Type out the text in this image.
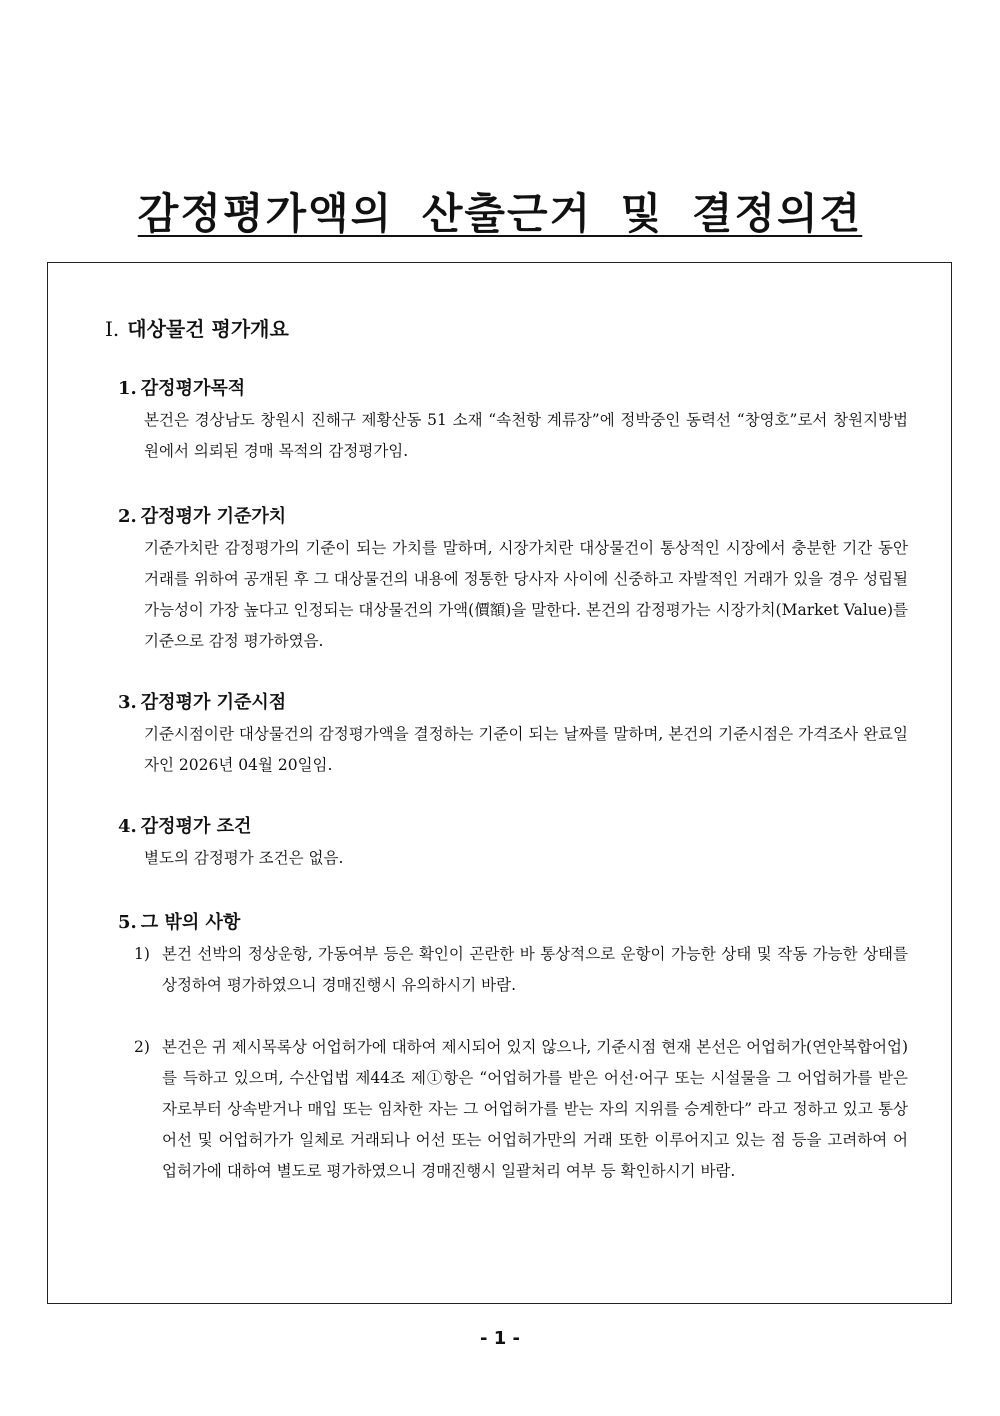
감정평가액의 산출근거 및 결정의견
Ⅰ. 대상물건 평가개요
1. 감정평가목적

본건은 경상남도 창원시 진해구 제황산동 51 소재 “속천항 계류장”에 정박중인 동력선 “창영호”로서 창원지방법원에서 의뢰된 경매 목적의 감정평가임.

2. 감정평가 기준가치

기준가치란 감정평가의 기준이 되는 가치를 말하며, 시장가치란 대상물건이 통상적인 시장에서 충분한 기간 동안 거래를 위하여 공개된 후 그 대상물건의 내용에 정통한 당사자 사이에 신중하고 자발적인 거래가 있을 경우 성립될 가능성이 가장 높다고 인정되는 대상물건의 가액(價額)을 말한다. 본건의 감정평가는 시장가치(Market Value)를 기준으로 감정 평가하였음.

3. 감정평가 기준시점

기준시점이란 대상물건의 감정평가액을 결정하는 기준이 되는 날짜를 말하며, 본건의 기준시점은 가격조사 완료일자인 2026년 04월 20일임.

4. 감정평가 조건

별도의 감정평가 조건은 없음.

5. 그 밖의 사항
1) 본건 선박의 정상운항, 가동여부 등은 확인이 곤란한 바 통상적으로 운항이 가능한 상태 및 작동 가능한 상태를 상정하여 평가하였으니 경매진행시 유의하시기 바람.
2) 본건은 귀 제시목록상 어업허가에 대하여 제시되어 있지 않으나, 기준시점 현재 본선은 어업허가(연안복합어업)를 득하고 있으며, 수산업법 제44조 제①항은 “어업허가를 받은 어선·어구 또는 시설물을 그 어업허가를 받은 자로부터 상속받거나 매입 또는 임차한 자는 그 어업허가를 받는 자의 지위를 승계한다” 라고 정하고 있고 통상 어선 및 어업허가가 일체로 거래되나 어선 또는 어업허가만의 거래 또한 이루어지고 있는 점 등을 고려하여 어업허가에 대하여 별도로 평가하였으니 경매진행시 일괄처리 여부 등 확인하시기 바람.
- 1 -
